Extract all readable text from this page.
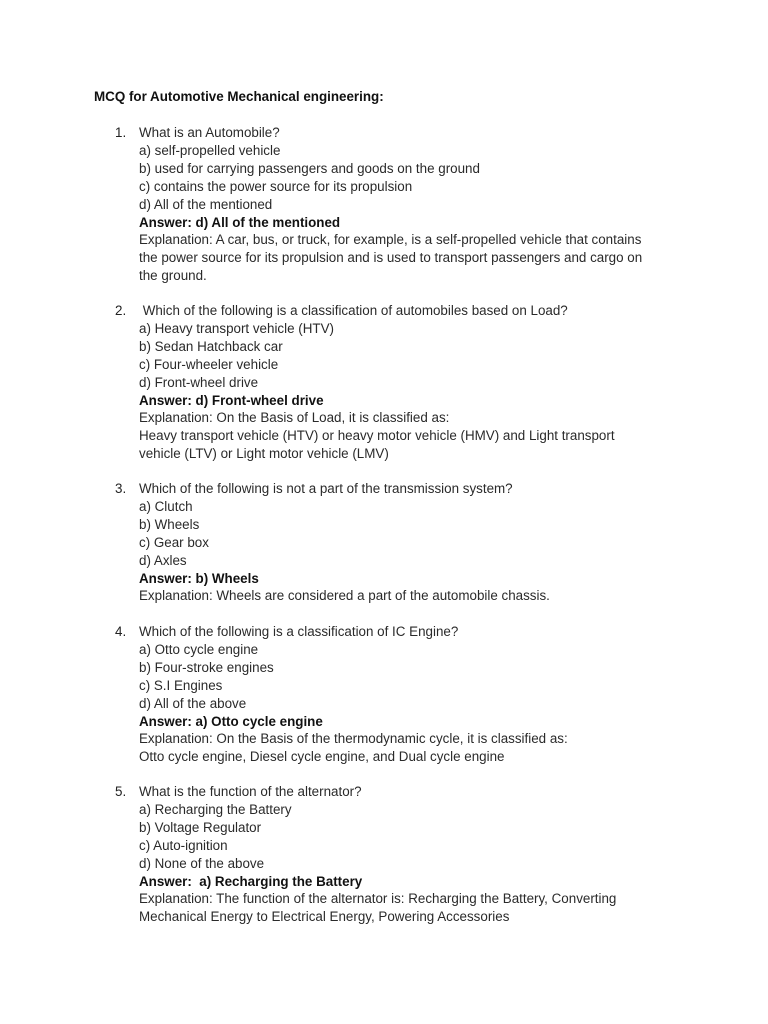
MCQ for Automotive Mechanical engineering:
1. What is an Automobile?
a) self-propelled vehicle
b) used for carrying passengers and goods on the ground
c) contains the power source for its propulsion
d) All of the mentioned
Answer: d) All of the mentioned
Explanation: A car, bus, or truck, for example, is a self-propelled vehicle that contains
the power source for its propulsion and is used to transport passengers and cargo on
the ground.
2. Which of the following is a classification of automobiles based on Load?
a) Heavy transport vehicle (HTV)
b) Sedan Hatchback car
c) Four-wheeler vehicle
d) Front-wheel drive
Answer: d) Front-wheel drive
Explanation: On the Basis of Load, it is classified as:
Heavy transport vehicle (HTV) or heavy motor vehicle (HMV) and Light transport
vehicle (LTV) or Light motor vehicle (LMV)
3. Which of the following is not a part of the transmission system?
a) Clutch
b) Wheels
c) Gear box
d) Axles
Answer: b) Wheels
Explanation: Wheels are considered a part of the automobile chassis.
4. Which of the following is a classification of IC Engine?
a) Otto cycle engine
b) Four-stroke engines
c) S.I Engines
d) All of the above
Answer: a) Otto cycle engine
Explanation: On the Basis of the thermodynamic cycle, it is classified as:
Otto cycle engine, Diesel cycle engine, and Dual cycle engine
5. What is the function of the alternator?
a) Recharging the Battery
b) Voltage Regulator
c) Auto-ignition
d) None of the above
Answer:  a) Recharging the Battery
Explanation: The function of the alternator is: Recharging the Battery, Converting
Mechanical Energy to Electrical Energy, Powering Accessories
